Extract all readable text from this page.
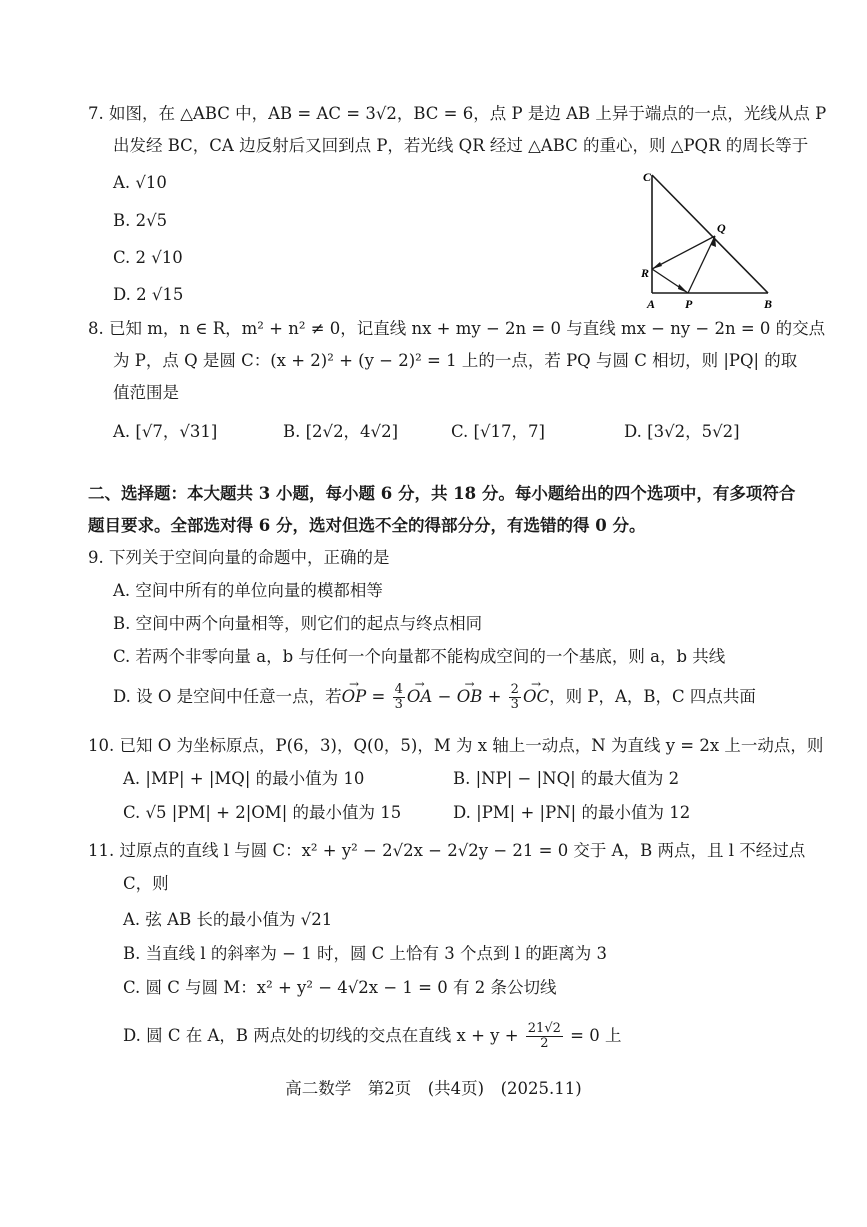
7. 如图，在 △ABC 中，AB = AC = 3√2，BC = 6，点 P 是边 AB 上异于端点的一点，光线从点 P
出发经 BC，CA 边反射后又回到点 P，若光线 QR 经过 △ABC 的重心，则 △PQR 的周长等于
A. √10
B. 2√5
C. 2 √10
D. 2 √15
C
Q
R
A P	B
8. 已知 m，n ∈ R，m² + n² ≠ 0，记直线 nx + my − 2n = 0 与直线 mx − ny − 2n = 0 的交点
为 P，点 Q 是圆 C：(x + 2)² + (y − 2)² = 1 上的一点，若 PQ 与圆 C 相切，则 |PQ| 的取
值范围是
A. [√7，√31]	B. [2√2，4√2]	C. [√17，7]	D. [3√2，5√2]
二、选择题：本大题共 3 小题，每小题 6 分，共 18 分。每小题给出的四个选项中，有多项符合
题目要求。全部选对得 6 分，选对但选不全的得部分分，有选错的得 0 分。
9. 下列关于空间向量的命题中，正确的是
A. 空间中所有的单位向量的模都相等
B. 空间中两个向量相等，则它们的起点与终点相同
C. 若两个非零向量 a，b 与任何一个向量都不能构成空间的一个基底，则 a，b 共线
D. 设 O 是空间中任意一点，若→ OP = $\frac{4}{3}$ → OA − → OB + $\frac{2}{3}$ → OC，则 P，A，B，C 四点共面
10. 已知 O 为坐标原点，P(6，3)，Q(0，5)，M 为 x 轴上一动点，N 为直线 y = 2x 上一动点，则
A. |MP| + |MQ| 的最小值为 10	B. |NP| − |NQ| 的最大值为 2
C. √5 |PM| + 2|OM| 的最小值为 15	D. |PM| + |PN| 的最小值为 12
11. 过原点的直线 l 与圆 C：x² + y² − 2√2x − 2√2y − 21 = 0 交于 A，B 两点，且 l 不经过点
C，则
A. 弦 AB 长的最小值为 √21
B. 当直线 l 的斜率为 − 1 时，圆 C 上恰有 3 个点到 l 的距离为 3
C. 圆 C 与圆 M：x² + y² − 4√2x − 1 = 0 有 2 条公切线
D. 圆 C 在 A，B 两点处的切线的交点在直线 $x + y + \frac{21√2}{2} = 0$ 上
高二数学　第2页　(共4页)　(2025.11)
